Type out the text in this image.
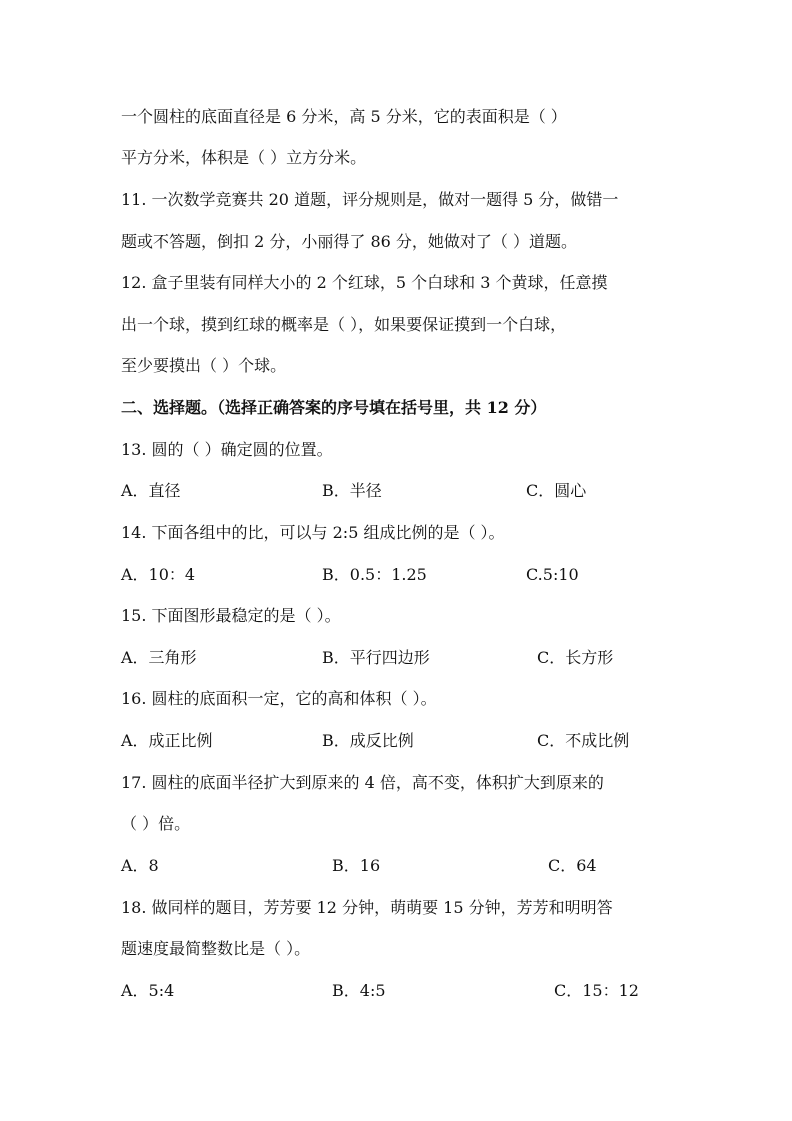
一个圆柱的底面直径是 6 分米，高 5 分米，它的表面积是（ ）
平方分米，体积是（ ）立方分米。
11. 一次数学竞赛共 20 道题，评分规则是，做对一题得 5 分，做错一
题或不答题，倒扣 2 分，小丽得了 86 分，她做对了（ ）道题。
12. 盒子里装有同样大小的 2 个红球，5 个白球和 3 个黄球，任意摸
出一个球，摸到红球的概率是（ ），如果要保证摸到一个白球，
至少要摸出（ ）个球。
二、选择题。（选择正确答案的序号填在括号里，共 12 分）
13. 圆的（ ）确定圆的位置。
A．直径	B．半径	C．圆心
14. 下面各组中的比，可以与 2:5 组成比例的是（ ）。
A．10：4	B．0.5：1.25	C.5:10
15. 下面图形最稳定的是（ ）。
A．三角形	B．平行四边形	C．长方形
16. 圆柱的底面积一定，它的高和体积（ ）。
A．成正比例	B．成反比例	C．不成比例
17. 圆柱的底面半径扩大到原来的 4 倍，高不变，体积扩大到原来的
（ ）倍。
A．8	B．16	C．64
18. 做同样的题目，芳芳要 12 分钟，萌萌要 15 分钟，芳芳和明明答
题速度最简整数比是（ ）。
A．5:4	B．4:5	C．15：12
